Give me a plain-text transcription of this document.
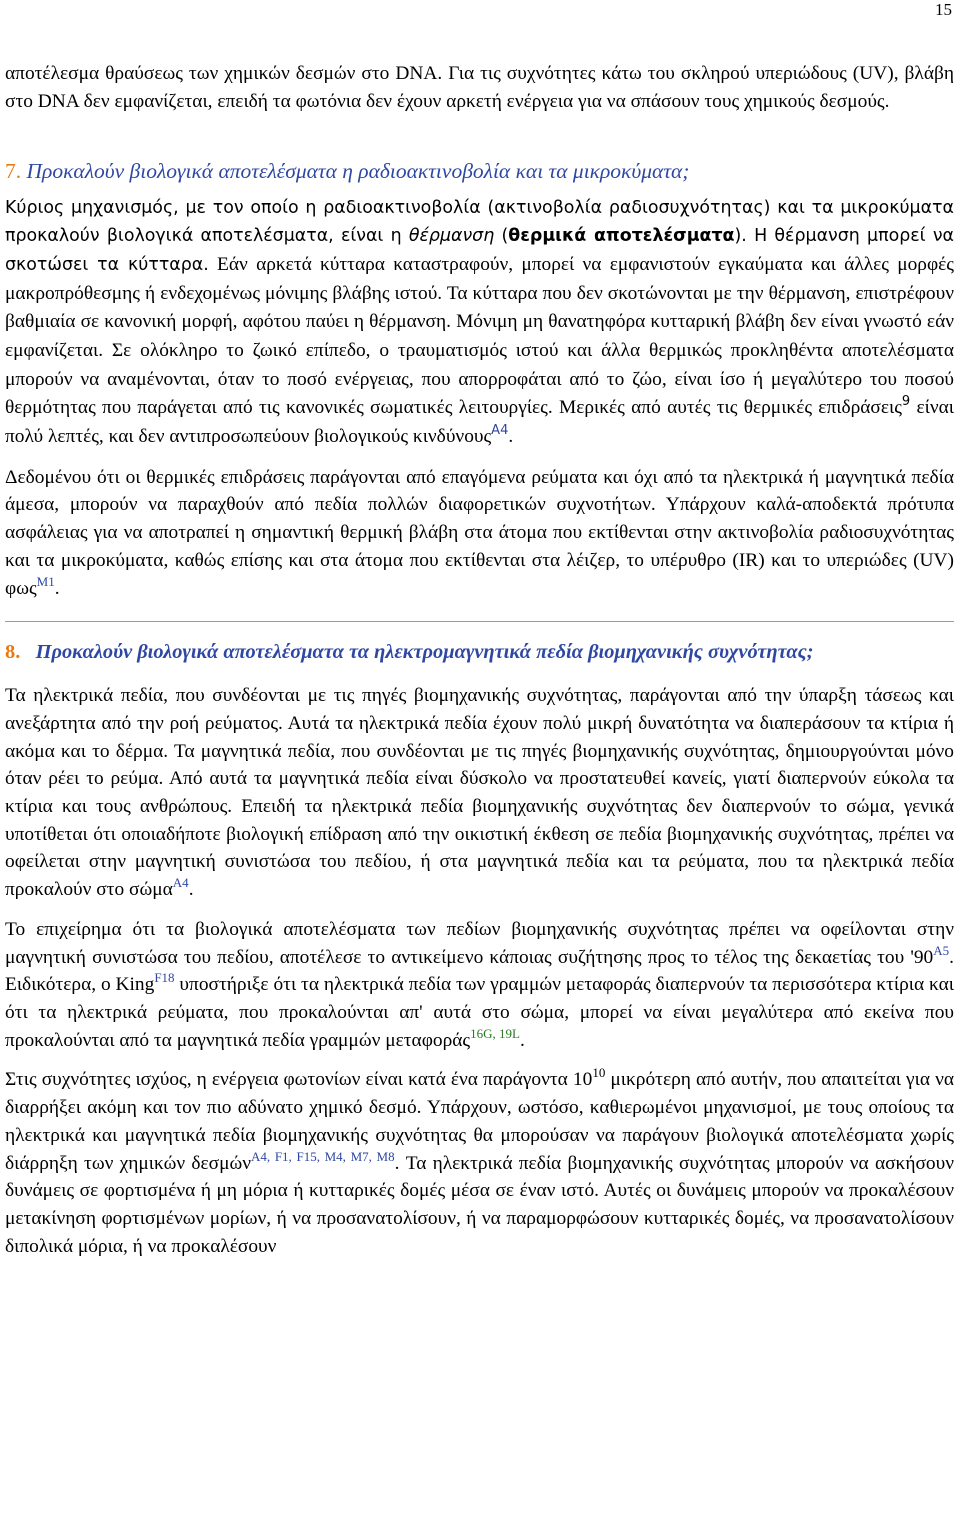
15

αποτέλεσμα θραύσεως των χημικών δεσμών στο DNA. Για τις συχνότητες κάτω του σκληρού υπεριώδους (UV), βλάβη στο DNA δεν εμφανίζεται, επειδή τα φωτόνια δεν έχουν αρκετή ενέργεια για να σπάσουν τους χημικούς δεσμούς.

7. Προκαλούν βιολογικά αποτελέσματα η ραδιοακτινοβολία και τα μικροκύματα;

Κύριος μηχανισμός, με τον οποίο η ραδιοακτινοβολία (ακτινοβολία ραδιοσυχνότητας) και τα μικροκύματα προκαλούν βιολογικά αποτελέσματα, είναι η θέρμανση (θερμικά αποτελέσματα). Η θέρμανση μπορεί να σκοτώσει τα κύτταρα. Εάν αρκετά κύτταρα καταστραφούν, μπορεί να εμφανιστούν εγκαύματα και άλλες μορφές μακροπρόθεσμης ή ενδεχομένως μόνιμης βλάβης ιστού. Τα κύτταρα που δεν σκοτώνονται με την θέρμανση, επιστρέφουν βαθμιαία σε κανονική μορφή, αφότου παύει η θέρμανση. Μόνιμη μη θανατηφόρα κυτταρική βλάβη δεν είναι γνωστό εάν εμφανίζεται. Σε ολόκληρο το ζωικό επίπεδο, ο τραυματισμός ιστού και άλλα θερμικώς προκληθέντα αποτελέσματα μπορούν να αναμένονται, όταν το ποσό ενέργειας, που απορροφάται από το ζώο, είναι ίσο ή μεγαλύτερο του ποσού θερμότητας που παράγεται από τις κανονικές σωματικές λειτουργίες. Μερικές από αυτές τις θερμικές επιδράσεις$^9$ είναι πολύ λεπτές, και δεν αντιπροσωπεύουν βιολογικούς κινδύνους$^{A4}$.

Δεδομένου ότι οι θερμικές επιδράσεις παράγονται από επαγόμενα ρεύματα και όχι από τα ηλεκτρικά ή μαγνητικά πεδία άμεσα, μπορούν να παραχθούν από πεδία πολλών διαφορετικών συχνοτήτων. Υπάρχουν καλά-αποδεκτά πρότυπα ασφάλειας για να αποτραπεί η σημαντική θερμική βλάβη στα άτομα που εκτίθενται στην ακτινοβολία ραδιοσυχνότητας και τα μικροκύματα, καθώς επίσης και στα άτομα που εκτίθενται στα λέιζερ, το υπέρυθρο (IR) και το υπεριώδες (UV) φως$^{M1}$.

8. Προκαλούν βιολογικά αποτελέσματα τα ηλεκτρομαγνητικά πεδία βιομηχανικής συχνότητας;

Τα ηλεκτρικά πεδία, που συνδέονται με τις πηγές βιομηχανικής συχνότητας, παράγονται από την ύπαρξη τάσεως και ανεξάρτητα από την ροή ρεύματος. Αυτά τα ηλεκτρικά πεδία έχουν πολύ μικρή δυνατότητα να διαπεράσουν τα κτίρια ή ακόμα και το δέρμα. Τα μαγνητικά πεδία, που συνδέονται με τις πηγές βιομηχανικής συχνότητας, δημιουργούνται μόνο όταν ρέει το ρεύμα. Από αυτά τα μαγνητικά πεδία είναι δύσκολο να προστατευθεί κανείς, γιατί διαπερνούν εύκολα τα κτίρια και τους ανθρώπους. Επειδή τα ηλεκτρικά πεδία βιομηχανικής συχνότητας δεν διαπερνούν το σώμα, γενικά υποτίθεται ότι οποιαδήποτε βιολογική επίδραση από την οικιστική έκθεση σε πεδία βιομηχανικής συχνότητας, πρέπει να οφείλεται στην μαγνητική συνιστώσα του πεδίου, ή στα μαγνητικά πεδία και τα ρεύματα, που τα ηλεκτρικά πεδία προκαλούν στο σώμα$^{A4}$.

Το επιχείρημα ότι τα βιολογικά αποτελέσματα των πεδίων βιομηχανικής συχνότητας πρέπει να οφείλονται στην μαγνητική συνιστώσα του πεδίου, αποτέλεσε το αντικείμενο κάποιας συζήτησης προς το τέλος της δεκαετίας του '90$^{A5}$. Ειδικότερα, ο King$^{F18}$ υποστήριξε ότι τα ηλεκτρικά πεδία των γραμμών μεταφοράς διαπερνούν τα περισσότερα κτίρια και ότι τα ηλεκτρικά ρεύματα, που προκαλούνται απ' αυτά στο σώμα, μπορεί να είναι μεγαλύτερα από εκείνα που προκαλούνται από τα μαγνητικά πεδία γραμμών μεταφοράς$^{16G, 19L}$.

Στις συχνότητες ισχύος, η ενέργεια φωτονίων είναι κατά ένα παράγοντα 10$^{10}$ μικρότερη από αυτήν, που απαιτείται για να διαρρήξει ακόμη και τον πιο αδύνατο χημικό δεσμό. Υπάρχουν, ωστόσο, καθιερωμένοι μηχανισμοί, με τους οποίους τα ηλεκτρικά και μαγνητικά πεδία βιομηχανικής συχνότητας θα μπορούσαν να παράγουν βιολογικά αποτελέσματα χωρίς διάρρηξη των χημικών δεσμών$^{A4, F1, F15, M4, M7, M8}$. Τα ηλεκτρικά πεδία βιομηχανικής συχνότητας μπορούν να ασκήσουν δυνάμεις σε φορτισμένα ή μη μόρια ή κυτταρικές δομές μέσα σε έναν ιστό. Αυτές οι δυνάμεις μπορούν να προκαλέσουν μετακίνηση φορτισμένων μορίων, ή να προσανατολίσουν, ή να παραμορφώσουν κυτταρικές δομές, να προσανατολίσουν διπολικά μόρια, ή να προκαλέσουν
